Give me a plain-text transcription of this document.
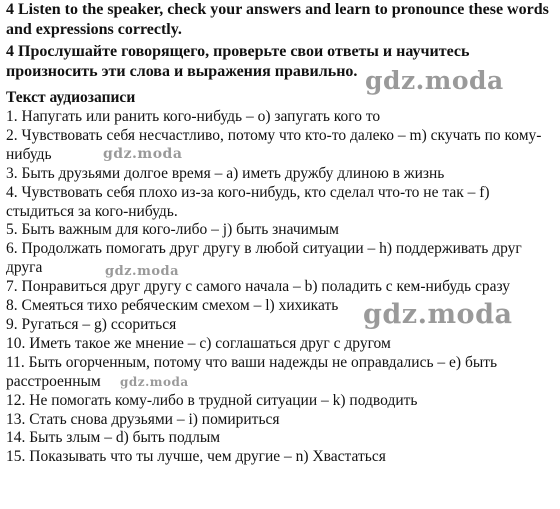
4 Listen to the speaker, check your answers and learn to pronounce these words and expressions correctly.

4 Прослушайте говорящего, проверьте свои ответы и научитесь произносить эти слова и выражения правильно.

Текст аудиозаписи
1. Напугать или ранить кого-нибудь – o) запугать кого то
2. Чувствовать себя несчастливо, потому что кто-то далеко – m) скучать по кому-нибудь
3. Быть друзьями долгое время – a) иметь дружбу длиною в жизнь
4. Чувствовать себя плохо из-за кого-нибудь, кто сделал что-то не так – f) стыдиться за кого-нибудь.
5. Быть важным для кого-либо – j) быть значимым
6. Продолжать помогать друг другу в любой ситуации – h) поддерживать друг друга
7. Понравиться друг другу с самого начала – b) поладить с кем-нибудь сразу
8. Смеяться тихо ребяческим смехом – l) хихикать
9. Ругаться – g) ссориться
10. Иметь такое же мнение – c) соглашаться друг с другом
11. Быть огорченным, потому что ваши надежды не оправдались – e) быть расстроенным
12. Не помогать кому-либо в трудной ситуации – k) подводить
13. Стать снова друзьями – i) помириться
14. Быть злым – d) быть подлым
15. Показывать что ты лучше, чем другие – n) Хвастаться
gdz.moda
gdz.moda
gdz.moda
gdz.moda
gdz.moda
